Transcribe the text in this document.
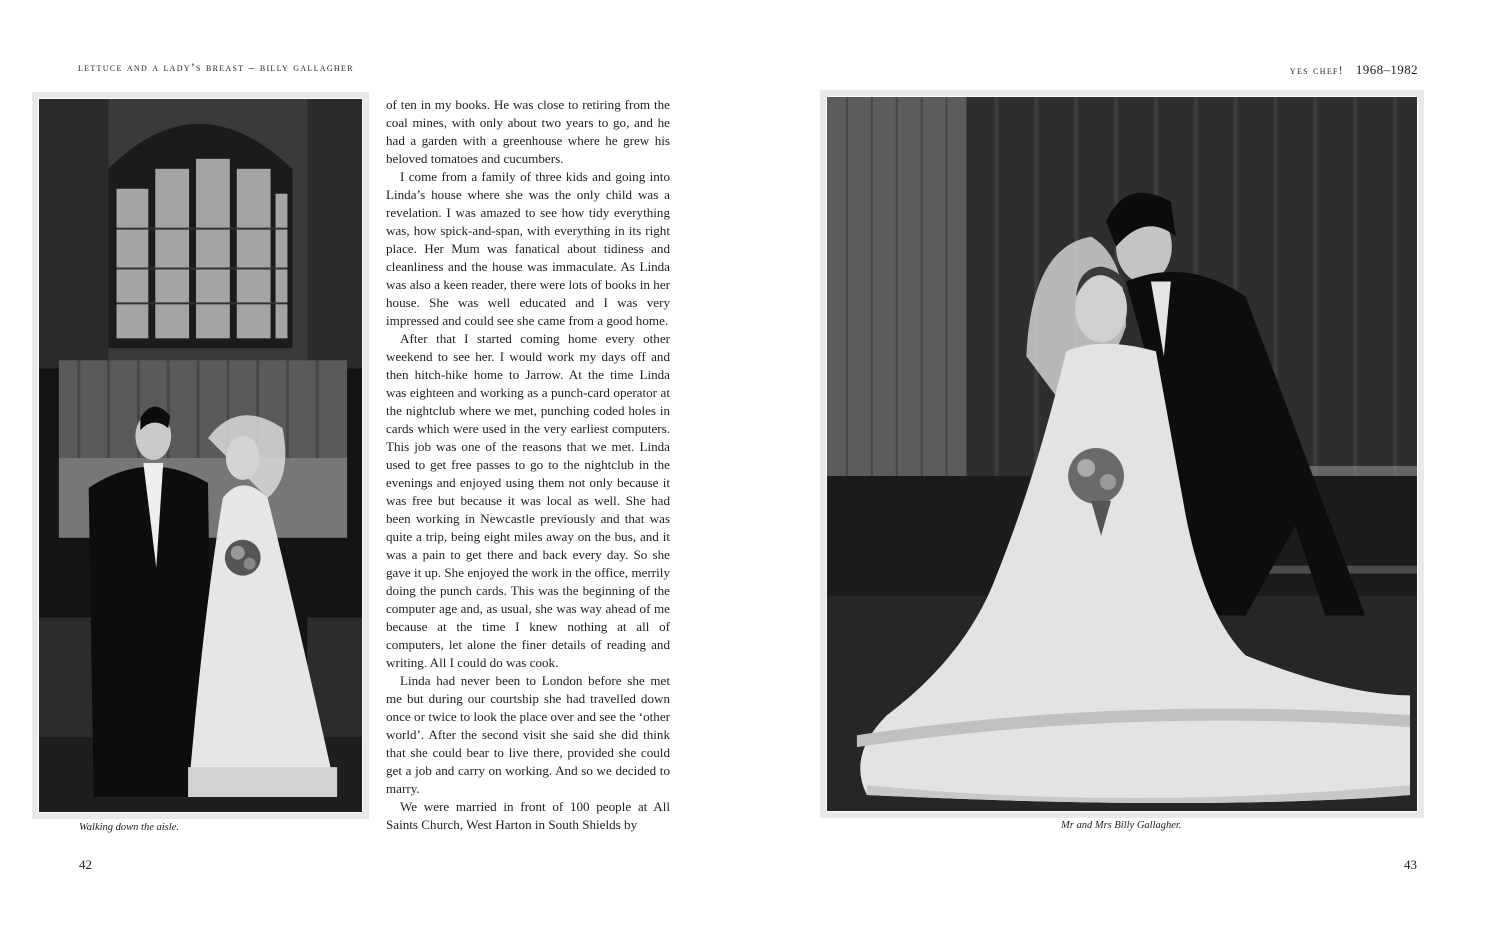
lettuce and a lady’s breast – billy gallagher
Walking down the aisle.
42

of ten in my books. He was close to retiring from the coal mines, with only about two years to go, and he had a garden with a greenhouse where he grew his beloved tomatoes and cucumbers.

I come from a family of three kids and going into Linda’s house where she was the only child was a revelation. I was amazed to see how tidy everything was, how spick-and-span, with everything in its right place. Her Mum was fanatical about tidiness and cleanliness and the house was immaculate. As Linda was also a keen reader, there were lots of books in her house. She was well educated and I was very impressed and could see she came from a good home.

After that I started coming home every other weekend to see her. I would work my days off and then hitch-hike home to Jarrow. At the time Linda was eighteen and working as a punch-card operator at the nightclub where we met, punching coded holes in cards which were used in the very earliest computers. This job was one of the reasons that we met. Linda used to get free passes to go to the nightclub in the evenings and enjoyed using them not only because it was free but because it was local as well. She had been working in Newcastle previously and that was quite a trip, being eight miles away on the bus, and it was a pain to get there and back every day. So she gave it up. She enjoyed the work in the office, merrily doing the punch cards. This was the beginning of the computer age and, as usual, she was way ahead of me because at the time I knew nothing at all of computers, let alone the finer details of reading and writing. All I could do was cook.

Linda had never been to London before she met me but during our courtship she had travelled down once or twice to look the place over and see the ‘other world’. After the second visit she said she did think that she could bear to live there, provided she could get a job and carry on working. And so we decided to marry.

We were married in front of 100 people at All Saints Church, West Harton in South Shields by

yes chef! 1968–1982
Mr and Mrs Billy Gallagher.
43
